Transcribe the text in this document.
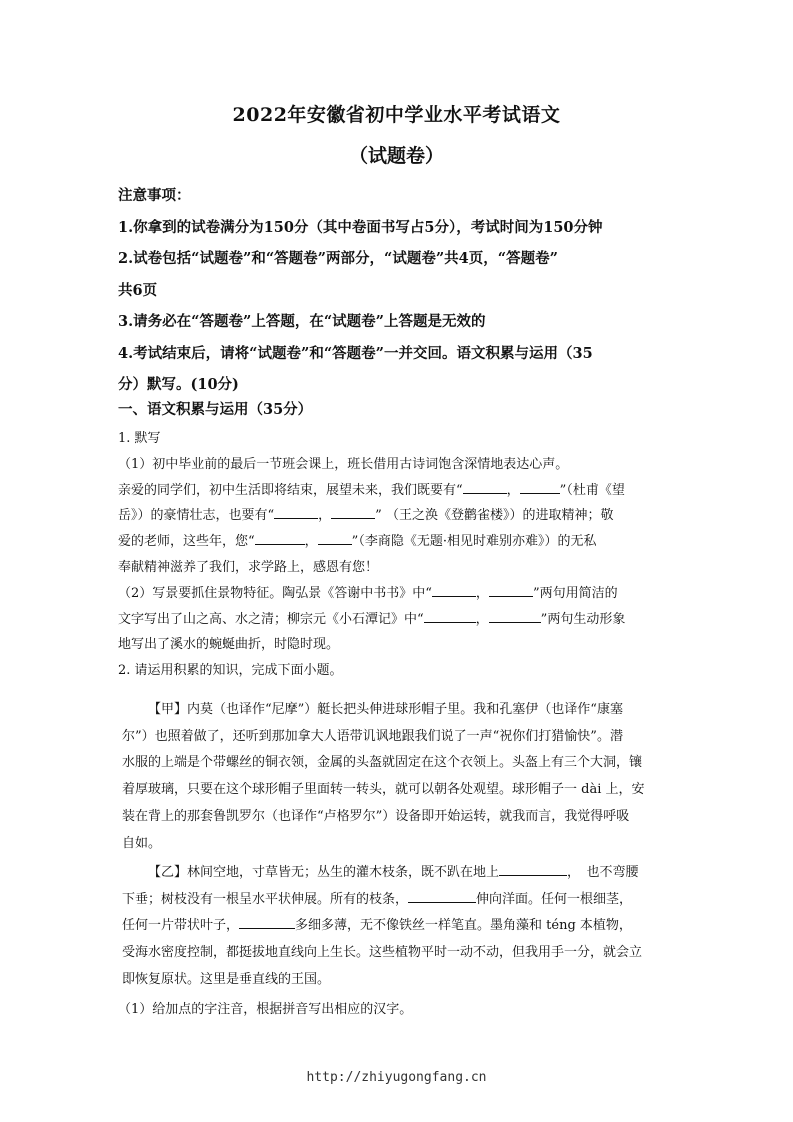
2022年安徽省初中学业水平考试语文
（试题卷）
注意事项：
1.你拿到的试卷满分为150分（其中卷面书写占5分），考试时间为150分钟
2.试卷包括“试题卷”和“答题卷”两部分，“试题卷”共4页，“答题卷”
共6页
3.请务必在“答题卷”上答题，在“试题卷”上答题是无效的
4.考试结束后，请将“试题卷”和“答题卷”一并交回。语文积累与运用（35
分）默写。(10分)
一、语文积累与运用（35分）
1. 默写
（1）初中毕业前的最后一节班会课上，班长借用古诗词饱含深情地表达心声。
亲爱的同学们，初中生活即将结束，展望未来，我们既要有“	，	”（杜甫《望
岳》）的豪情壮志，也要有“	，	” （王之涣《登鹳雀楼》）的进取精神；敬
爱的老师，这些年，您“	，	”（李商隐《无题·相见时难别亦难》）的无私
奉献精神滋养了我们，求学路上，感恩有您！
（2）写景要抓住景物特征。陶弘景《答谢中书书》中“	，	”两句用简洁的
文字写出了山之高、水之清；柳宗元《小石潭记》中“	，	”两句生动形象
地写出了溪水的蜿蜒曲折，时隐时现。
2. 请运用积累的知识，完成下面小题。
【甲】内莫（也译作“尼摩”）艇长把头伸进球形帽子里。我和孔塞伊（也译作“康塞
尔”）也照着做了，还听到那加拿大人语带讥讽地跟我们说了一声“祝你们打猎愉快”。潜
水服的上端是个带螺丝的铜衣领，金属的头盔就固定在这个衣领上。头盔上有三个大洞，镶
着厚玻璃，只要在这个球形帽子里面转一转头，就可以朝各处观望。球形帽子一 dài 上，安
装在背上的那套鲁凯罗尔（也译作“卢格罗尔”）设备即开始运转，就我而言，我觉得呼吸
自如。
【乙】林间空地，寸草皆无；丛生的灌木枝条，既不趴在地上	，　也不弯腰
下垂；树枝没有一根呈水平状伸展。所有的枝条，	伸向洋面。任何一根细茎，
任何一片带状叶子，	多细多薄，无不像铁丝一样笔直。墨角藻和 téng 本植物，
受海水密度控制，都挺拔地直线向上生长。这些植物平时一动不动，但我用手一分，就会立
即恢复原状。这里是垂直线的王国。
（1）给加点的字注音，根据拼音写出相应的汉字。
http://zhiyugongfang.cn
